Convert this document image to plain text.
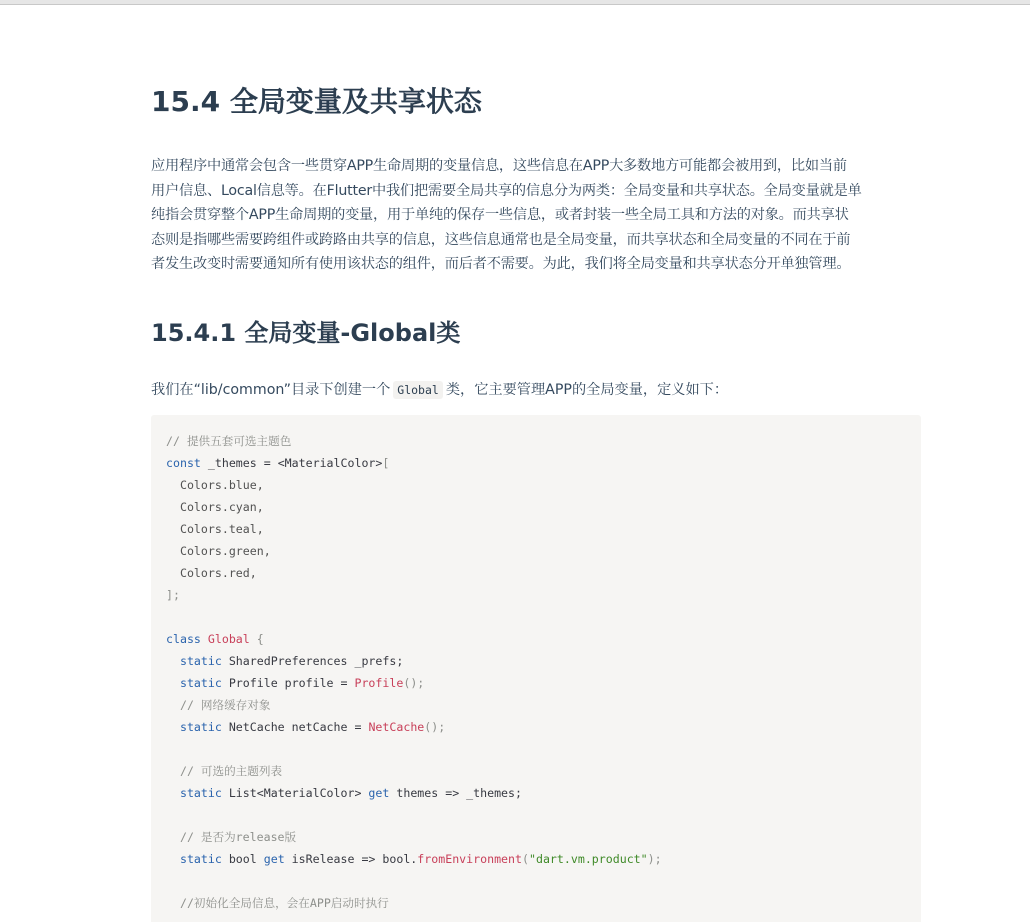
15.4 全局变量及共享状态

应用程序中通常会包含一些贯穿APP生命周期的变量信息，这些信息在APP大多数地方可能都会被用到，比如当前
用户信息、Local信息等。在Flutter中我们把需要全局共享的信息分为两类：全局变量和共享状态。全局变量就是单
纯指会贯穿整个APP生命周期的变量，用于单纯的保存一些信息，或者封装一些全局工具和方法的对象。而共享状
态则是指哪些需要跨组件或跨路由共享的信息，这些信息通常也是全局变量，而共享状态和全局变量的不同在于前
者发生改变时需要通知所有使用该状态的组件，而后者不需要。为此，我们将全局变量和共享状态分开单独管理。

15.4.1 全局变量-Global类

我们在“lib/common”目录下创建一个 Global 类，它主要管理APP的全局变量，定义如下：

// 提供五套可选主题色
const _themes = <MaterialColor>[
Colors.blue,
Colors.cyan,
Colors.teal,
Colors.green,
Colors.red,
];
class Global {
static SharedPreferences _prefs;
static Profile profile = Profile();
// 网络缓存对象
static NetCache netCache = NetCache();
// 可选的主题列表
static List<MaterialColor> get themes => _themes;
// 是否为release版
static bool get isRelease => bool.fromEnvironment("dart.vm.product");
//初始化全局信息，会在APP启动时执行
